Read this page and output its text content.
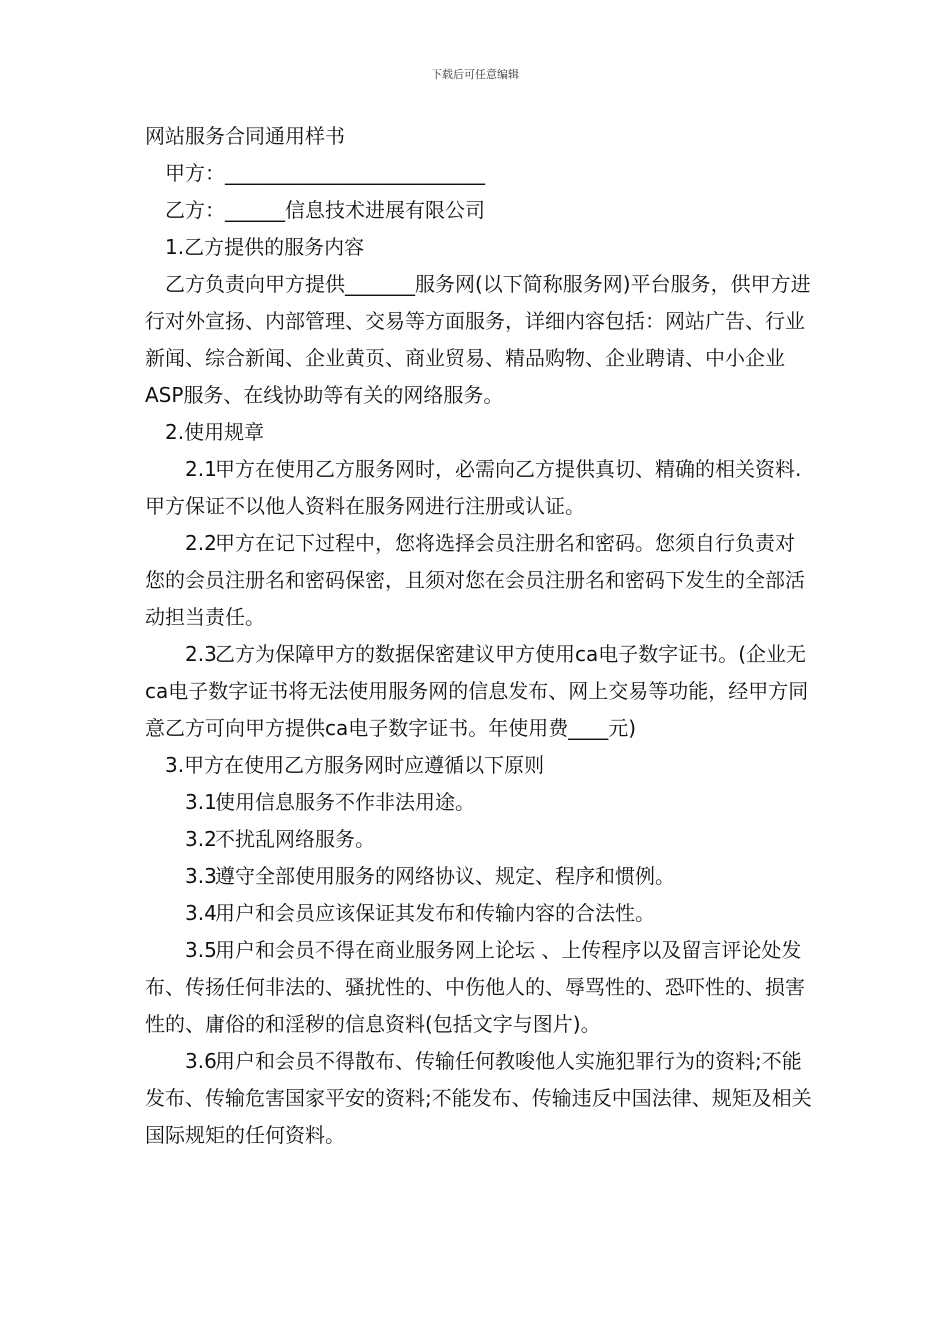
下载后可任意编辑

网站服务合同通用样书

甲方：__________________________

乙方：______信息技术进展有限公司

1.乙方提供的服务内容

乙方负责向甲方提供_______服务网(以下简称服务网)平台服务，供甲方进行对外宣扬、内部管理、交易等方面服务，详细内容包括：网站广告、行业新闻、综合新闻、企业黄页、商业贸易、精品购物、企业聘请、中小企业ASP服务、在线协助等有关的网络服务。

2.使用规章

2.1甲方在使用乙方服务网时，必需向乙方提供真切、精确的相关资料. 甲方保证不以他人资料在服务网进行注册或认证。

2.2甲方在记下过程中，您将选择会员注册名和密码。您须自行负责对您的会员注册名和密码保密，且须对您在会员注册名和密码下发生的全部活动担当责任。

2.3乙方为保障甲方的数据保密建议甲方使用ca电子数字证书。(企业无ca电子数字证书将无法使用服务网的信息发布、网上交易等功能，经甲方同意乙方可向甲方提供ca电子数字证书。年使用费____元)

3.甲方在使用乙方服务网时应遵循以下原则

3.1使用信息服务不作非法用途。

3.2不扰乱网络服务。

3.3遵守全部使用服务的网络协议、规定、程序和惯例。

3.4用户和会员应该保证其发布和传输内容的合法性。

3.5用户和会员不得在商业服务网上论坛 、上传程序以及留言评论处发布、传扬任何非法的、骚扰性的、中伤他人的、辱骂性的、恐吓性的、损害性的、庸俗的和淫秽的信息资料(包括文字与图片)。

3.6用户和会员不得散布、传输任何教唆他人实施犯罪行为的资料;不能发布、传输危害国家平安的资料;不能发布、传输违反中国法律、规矩及相关国际规矩的任何资料。
